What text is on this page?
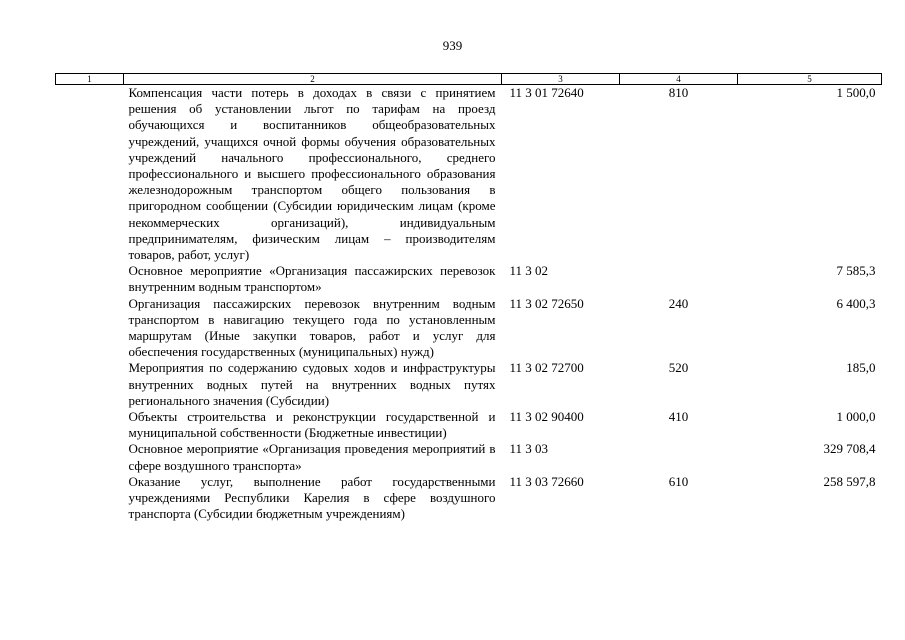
939
1	2	3	4	5
	Компенсация части потерь в доходах в связи с принятием решения об установлении льгот по тарифам на проезд обучающихся и воспитанников общеобразовательных учреждений, учащихся очной формы обучения образовательных учреждений начального профессионального, среднего профессионального и высшего профессионального образования железнодорожным транспортом общего пользования в пригородном сообщении (Субсидии юридическим лицам (кроме некоммерческих организаций), индивидуальным предпринимателям, физическим лицам – производителям товаров, работ, услуг)	11 3 01 72640	810	1 500,0
	Основное мероприятие «Организация пассажирских перевозок внутренним водным транспортом»	11 3 02		7 585,3
	Организация пассажирских перевозок внутренним водным транспортом в навигацию текущего года по установленным маршрутам (Иные закупки товаров, работ и услуг для обеспечения государственных (муниципальных) нужд)	11 3 02 72650	240	6 400,3
	Мероприятия по содержанию судовых ходов и инфраструктуры внутренних водных путей на внутренних водных путях регионального значения (Субсидии)	11 3 02 72700	520	185,0
	Объекты строительства и реконструкции государственной и муниципальной собственности (Бюджетные инвестиции)	11 3 02 90400	410	1 000,0
	Основное мероприятие «Организация проведения мероприятий в сфере воздушного транспорта»	11 3 03		329 708,4
	Оказание услуг, выполнение работ государственными учреждениями Республики Карелия в сфере воздушного транспорта (Субсидии бюджетным учреждениям)	11 3 03 72660	610	258 597,8
